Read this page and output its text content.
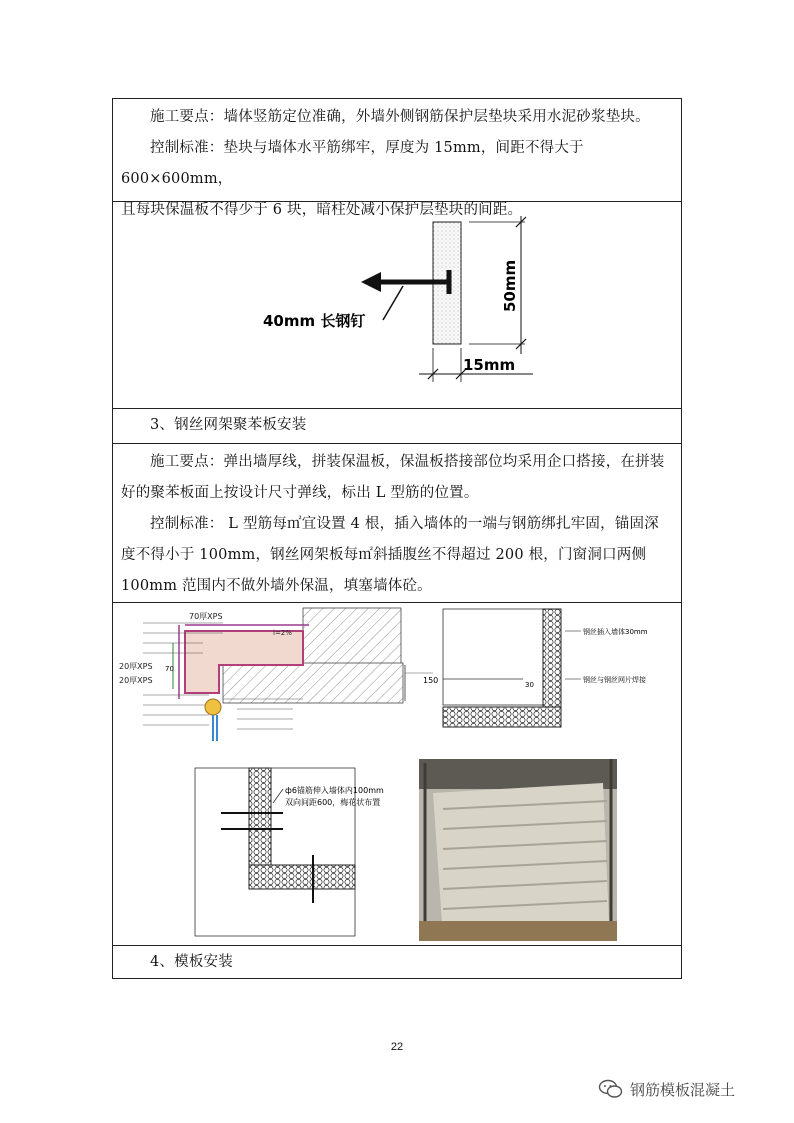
施工要点：墙体竖筋定位准确，外墙外侧钢筋保护层垫块采用水泥砂浆垫块。

控制标准：垫块与墙体水平筋绑牢，厚度为 15mm，间距不得大于 600×600mm，

且每块保温板不得少于 6 块，暗柱处减小保护层垫块的间距。
40mm 长钢钉
50mm
15mm
3、钢丝网架聚苯板安装

施工要点：弹出墙厚线，拼装保温板，保温板搭接部位均采用企口搭接，在拼装好的聚苯板面上按设计尺寸弹线，标出 L 型筋的位置。

控制标准： L 型筋每㎡宜设置 4 根，插入墙体的一端与钢筋绑扎牢固，锚固深度不得小于 100mm，钢丝网架板每㎡斜插腹丝不得超过 200 根，门窗洞口两侧 100mm 范围内不做外墙外保温，填塞墙体砼。

70
70厚XPS
i=2%
20厚XPS
20厚XPS	150	30
钢丝插入墙体30mm
钢丝与钢丝网片焊接
ф6锚筋伸入墙体内100mm
双向间距600，梅花状布置
4、模板安装
22
钢筋模板混凝土
